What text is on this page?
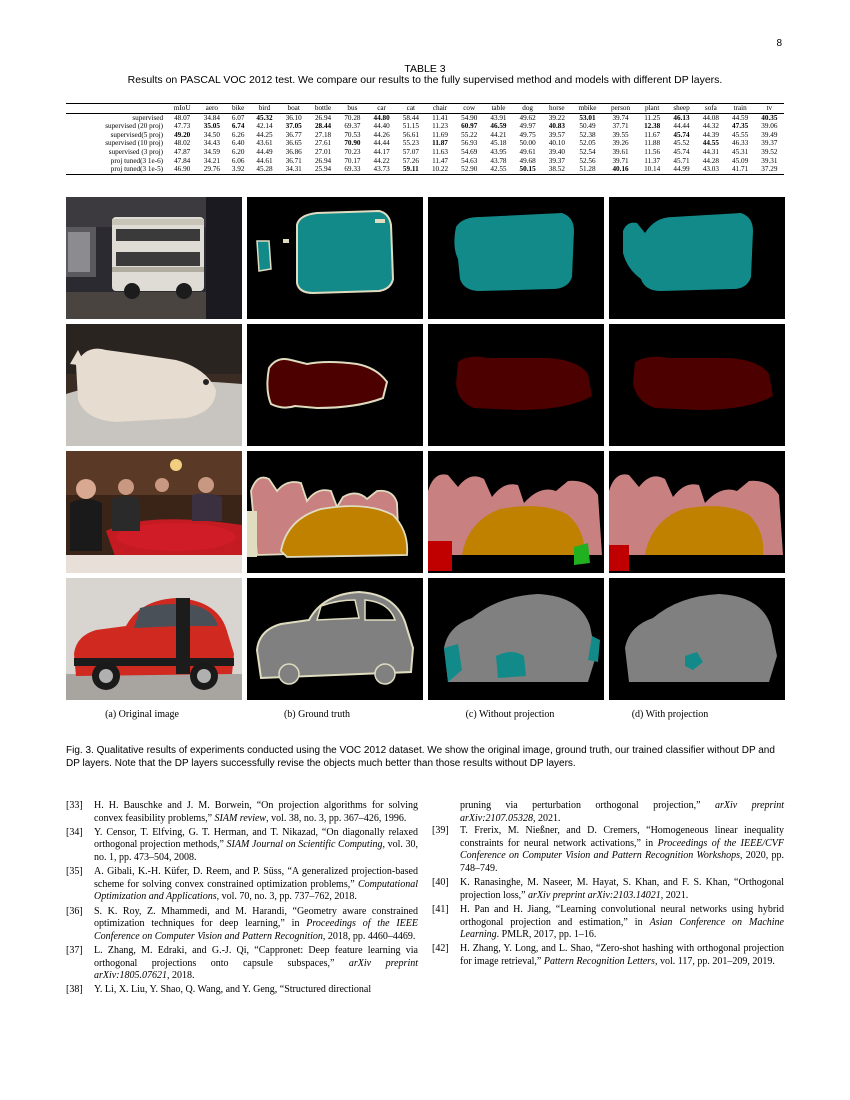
8
TABLE 3
Results on PASCAL VOC 2012 test. We compare our results to the fully supervised method and models with different DP layers.
	mIoU	aero	bike	bird	boat	bottle	bus	car	cat	chair	cow	table	dog	horse	mbike	person	plant	sheep	sofa	train	tv
supervised	48.07	34.84	6.07	45.32	36.10	26.94	70.28	44.80	58.44	11.41	54.90	43.91	49.62	39.22	53.01	39.74	11.25	46.13	44.08	44.59	40.35
supervised (20 proj)	47.73	35.05	6.74	42.14	37.05	28.44	69.37	44.40	51.15	11.23	60.97	46.59	49.97	40.83	50.49	37.71	12.38	44.44	44.32	47.35	39.06
supervised(5 proj)	49.20	34.50	6.26	44.25	36.77	27.18	70.53	44.26	56.61	11.69	55.22	44.21	49.75	39.57	52.38	39.55	11.67	45.74	44.39	45.55	39.49
supervised (10 proj)	48.02	34.43	6.40	43.61	36.65	27.61	70.90	44.44	55.23	11.87	56.93	45.18	50.00	40.10	52.05	39.26	11.88	45.52	44.55	46.33	39.37
supervised (3 proj)	47.87	34.59	6.20	44.49	36.86	27.01	70.23	44.17	57.07	11.63	54.69	43.95	49.61	39.40	52.54	39.61	11.56	45.74	44.31	45.31	39.52
proj tuned(3 1e-6)	47.84	34.21	6.06	44.61	36.71	26.94	70.17	44.22	57.26	11.47	54.63	43.78	49.68	39.37	52.56	39.71	11.37	45.71	44.28	45.09	39.31
proj tuned(3 1e-5)	46.90	29.76	3.92	45.28	34.31	25.94	69.33	43.73	59.11	10.22	52.90	42.55	50.15	38.52	51.28	40.16	10.14	44.99	43.03	41.71	37.29
(a) Original image	(b) Ground truth	(c) Without projection	(d) With projection
Fig. 3. Qualitative results of experiments conducted using the VOC 2012 dataset. We show the original image, ground truth, our trained classifier without DP and DP layers. Note that the DP layers successfully revise the objects much better than those results without DP layers.
[33] H. H. Bauschke and J. M. Borwein, “On projection algorithms for solving convex feasibility problems,” SIAM review, vol. 38, no. 3, pp. 367–426, 1996.
[34] Y. Censor, T. Elfving, G. T. Herman, and T. Nikazad, “On diagonally relaxed orthogonal projection methods,” SIAM Journal on Scientific Computing, vol. 30, no. 1, pp. 473–504, 2008.
[35] A. Gibali, K.-H. Küfer, D. Reem, and P. Süss, “A generalized projection-based scheme for solving convex constrained optimization problems,” Computational Optimization and Applications, vol. 70, no. 3, pp. 737–762, 2018.
[36] S. K. Roy, Z. Mhammedi, and M. Harandi, “Geometry aware constrained optimization techniques for deep learning,” in Proceedings of the IEEE Conference on Computer Vision and Pattern Recognition, 2018, pp. 4460–4469.
[37] L. Zhang, M. Edraki, and G.-J. Qi, “Cappronet: Deep feature learning via orthogonal projections onto capsule subspaces,” arXiv preprint arXiv:1805.07621, 2018.
[38] Y. Li, X. Liu, Y. Shao, Q. Wang, and Y. Geng, “Structured directional
pruning via perturbation orthogonal projection,” arXiv preprint arXiv:2107.05328, 2021.
[39] T. Frerix, M. Nießner, and D. Cremers, “Homogeneous linear inequality constraints for neural network activations,” in Proceedings of the IEEE/CVF Conference on Computer Vision and Pattern Recognition Workshops, 2020, pp. 748–749.
[40] K. Ranasinghe, M. Naseer, M. Hayat, S. Khan, and F. S. Khan, “Orthogonal projection loss,” arXiv preprint arXiv:2103.14021, 2021.
[41] H. Pan and H. Jiang, “Learning convolutional neural networks using hybrid orthogonal projection and estimation,” in Asian Conference on Machine Learning. PMLR, 2017, pp. 1–16.
[42] H. Zhang, Y. Long, and L. Shao, “Zero-shot hashing with orthogonal projection for image retrieval,” Pattern Recognition Letters, vol. 117, pp. 201–209, 2019.
